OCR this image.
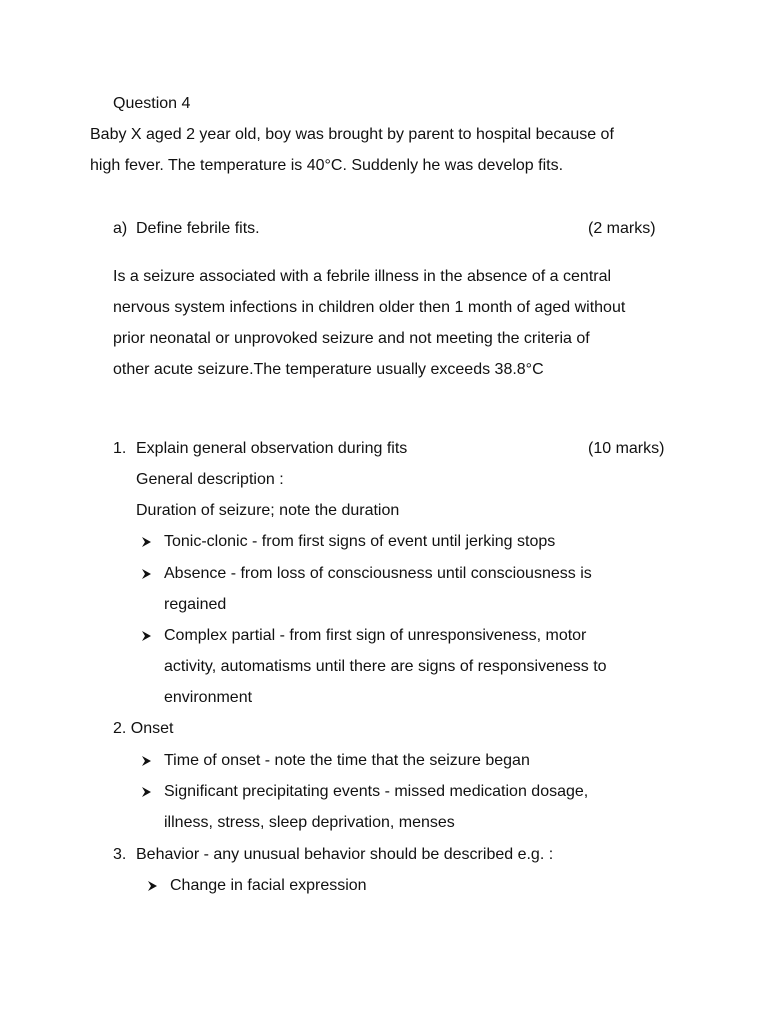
Question 4
Baby X aged 2 year old, boy was brought by parent to hospital because of
high fever. The temperature is 40°C. Suddenly he was develop fits.
a) Define febrile fits.	(2 marks)
Is a seizure associated with a febrile illness in the absence of a central
nervous system infections in children older then 1 month of aged without
prior neonatal or unprovoked seizure and not meeting the criteria of
other acute seizure.The temperature usually exceeds 38.8°C
1. Explain general observation during fits	(10 marks)
General description :
Duration of seizure; note the duration
Tonic-clonic - from first signs of event until jerking stops
Absence - from loss of consciousness until consciousness is
regained
Complex partial - from first sign of unresponsiveness, motor
activity, automatisms until there are signs of responsiveness to
environment
2. Onset
Time of onset - note the time that the seizure began
Significant precipitating events - missed medication dosage,
illness, stress, sleep deprivation, menses
3. Behavior - any unusual behavior should be described e.g. :
Change in facial expression
